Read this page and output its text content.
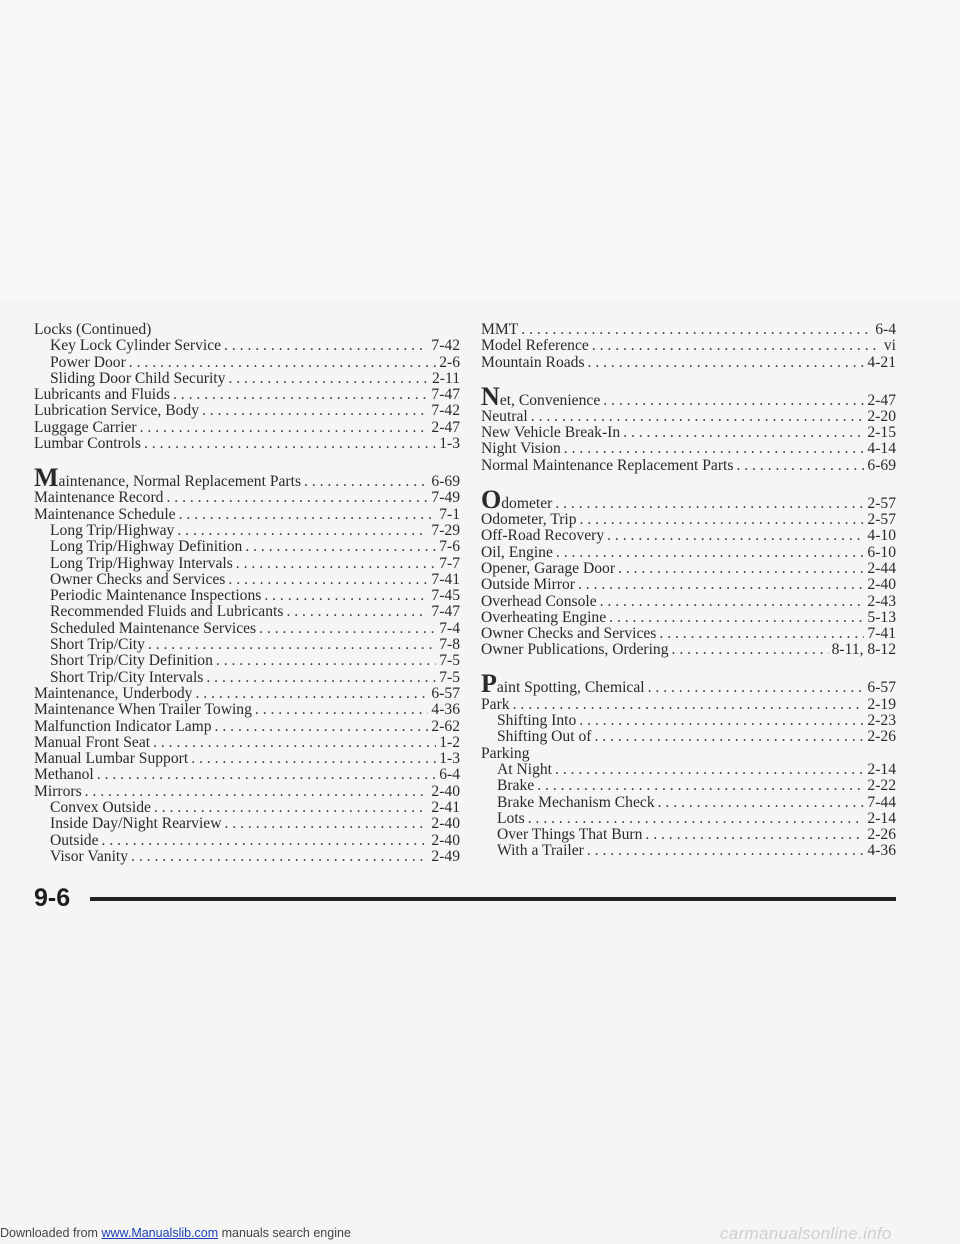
Locks (Continued)
Key Lock Cylinder Service . . .	7-42
Power Door . . .	2-6
Sliding Door Child Security . . .	2-11
Lubricants and Fluids . . .	7-47
Lubrication Service, Body . . .	7-42
Luggage Carrier . . .	2-47
Lumbar Controls . . .	1-3
Maintenance, Normal Replacement Parts . . .	6-69
Maintenance Record . . .	7-49
Maintenance Schedule . . .	7-1
Long Trip/Highway . . .	7-29
Long Trip/Highway Definition . . .	7-6
Long Trip/Highway Intervals . . .	7-7
Owner Checks and Services . . .	7-41
Periodic Maintenance Inspections . . .	7-45
Recommended Fluids and Lubricants . . .	7-47
Scheduled Maintenance Services . . .	7-4
Short Trip/City . . .	7-8
Short Trip/City Definition . . .	7-5
Short Trip/City Intervals . . .	7-5
Maintenance, Underbody . . .	6-57
Maintenance When Trailer Towing . . .	4-36
Malfunction Indicator Lamp . . .	2-62
Manual Front Seat . . .	1-2
Manual Lumbar Support . . .	1-3
Methanol . . .	6-4
Mirrors . . .	2-40
Convex Outside . . .	2-41
Inside Day/Night Rearview . . .	2-40
Outside . . .	2-40
Visor Vanity . . .	2-49
MMT . . .	6-4
Model Reference . . .	vi
Mountain Roads . . .	4-21
Net, Convenience . . .	2-47
Neutral . . .	2-20
New Vehicle Break-In . . .	2-15
Night Vision . . .	4-14
Normal Maintenance Replacement Parts . . .	6-69
Odometer . . .	2-57
Odometer, Trip . . .	2-57
Off-Road Recovery . . .	4-10
Oil, Engine . . .	6-10
Opener, Garage Door . . .	2-44
Outside Mirror . . .	2-40
Overhead Console . . .	2-43
Overheating Engine . . .	5-13
Owner Checks and Services . . .	7-41
Owner Publications, Ordering . . .	8-11, 8-12
Paint Spotting, Chemical . . .	6-57
Park . . .	2-19
Shifting Into . . .	2-23
Shifting Out of . . .	2-26
Parking
At Night . . .	2-14
Brake . . .	2-22
Brake Mechanism Check . . .	7-44
Lots . . .	2-14
Over Things That Burn . . .	2-26
With a Trailer . . .	4-36
9-6
Downloaded from www.Manualslib.com manuals search engine	carmanualsonline.info
